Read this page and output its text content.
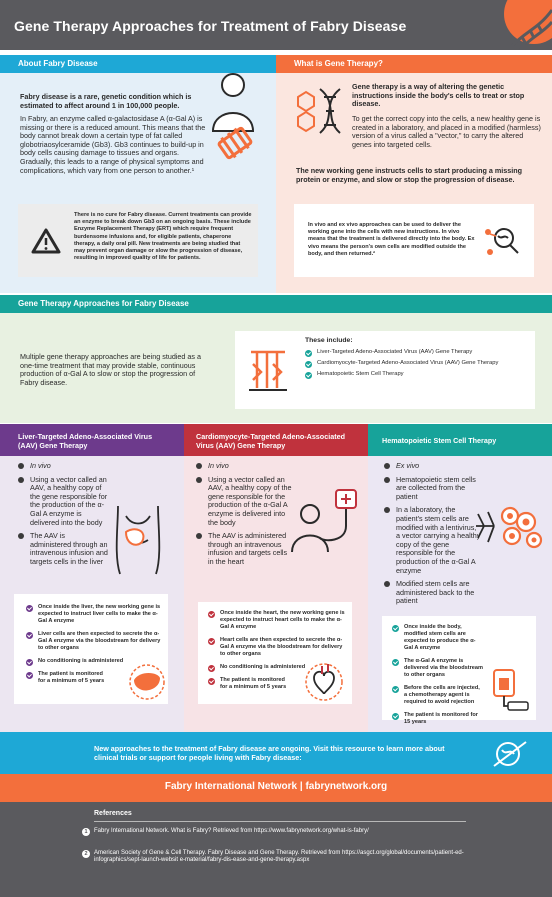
Gene Therapy Approaches for Treatment of Fabry Disease
About Fabry Disease
Fabry disease is a rare, genetic condition which is estimated to affect around 1 in 100,000 people.
In Fabry, an enzyme called α-galactosidase A (α-Gal A) is missing or there is a reduced amount. This means that the body cannot break down a certain type of fat called globotriaosylceramide (Gb3). Gb3 continues to build-up in body cells causing damage to tissues and organs. Gradually, this leads to a range of physical symptoms and complications, which vary from one person to another.¹
There is no cure for Fabry disease. Current treatments can provide an enzyme to break down Gb3 on an ongoing basis. These include Enzyme Replacement Therapy (ERT) which require frequent burdensome infusions and, for eligible patients, chaperone therapy, a daily oral pill. New treatments are being studied that may prevent organ damage or slow the progression of disease, resulting in improved quality of life for patients.
What is Gene Therapy?
Gene therapy is a way of altering the genetic instructions inside the body's cells to treat or stop disease.
To get the correct copy into the cells, a new healthy gene is created in a laboratory, and placed in a modified (harmless) version of a virus called a "vector," to carry the altered genes into targeted cells.
The new working gene instructs cells to start producing a missing protein or enzyme, and slow or stop the progression of disease.
In vivo and ex vivo approaches can be used to deliver the working gene into the cells with new instructions. In vivo means that the treatment is delivered directly into the body. Ex vivo means the person's own cells are modified outside the body, and then returned.²
Gene Therapy Approaches for Fabry Disease
Multiple gene therapy approaches are being studied as a one-time treatment that may provide stable, continuous production of α-Gal A to slow or stop the progression of Fabry disease.
These include:
Liver-Targeted Adeno-Associated Virus (AAV) Gene Therapy
Cardiomyocyte-Targeted Adeno-Associated Virus (AAV) Gene Therapy
Hematopoietic Stem Cell Therapy
Liver-Targeted Adeno-Associated Virus (AAV) Gene Therapy
In vivo
Using a vector called an AAV, a healthy copy of the gene responsible for the production of the α-Gal A enzyme is delivered into the body
The AAV is administered through an intravenous infusion and targets cells in the liver
Once inside the liver, the new working gene is expected to instruct liver cells to make the α-Gal A enzyme
Liver cells are then expected to secrete the α-Gal A enzyme via the bloodstream for delivery to other organs
No conditioning is administered
The patient is monitored for a minimum of 5 years
Cardiomyocyte-Targeted Adeno-Associated Virus (AAV) Gene Therapy
In vivo
Using a vector called an AAV, a healthy copy of the gene responsible for the production of the α-Gal A enzyme is delivered into the body
The AAV is administered through an intravenous infusion and targets cells in the heart
Once inside the heart, the new working gene is expected to instruct heart cells to make the α-Gal A enzyme
Heart cells are then expected to secrete the α-Gal A enzyme via the bloodstream for delivery to other organs
No conditioning is administered
The patient is monitored for a minimum of 5 years
Hematopoietic Stem Cell Therapy
Ex vivo
Hematopoietic stem cells are collected from the patient
In a laboratory, the patient's stem cells are modified with a lentivirus, a vector carrying a healthy copy of the gene responsible for the production of the α-Gal A enzyme
Modified stem cells are administered back to the patient
Once inside the body, modified stem cells are expected to produce the α-Gal A enzyme
The α-Gal A enzyme is delivered via the bloodstream to other organs
Before the cells are injected, a chemotherapy agent is required to avoid rejection
The patient is monitored for 15 years
New approaches to the treatment of Fabry disease are ongoing. Visit this resource to learn more about clinical trials or support for people living with Fabry disease:
Fabry International Network | fabrynetwork.org
References
1	Fabry International Network. What is Fabry? Retrieved from https://www.fabrynetwork.org/what-is-fabry/
2	American Society of Gene & Cell Therapy. Fabry Disease and Gene Therapy. Retrieved from https://asgct.org/global/documents/patient-ed-infographics/sept-launch-websit e-material/fabry-dis-ease-and-gene-therapy.aspx
